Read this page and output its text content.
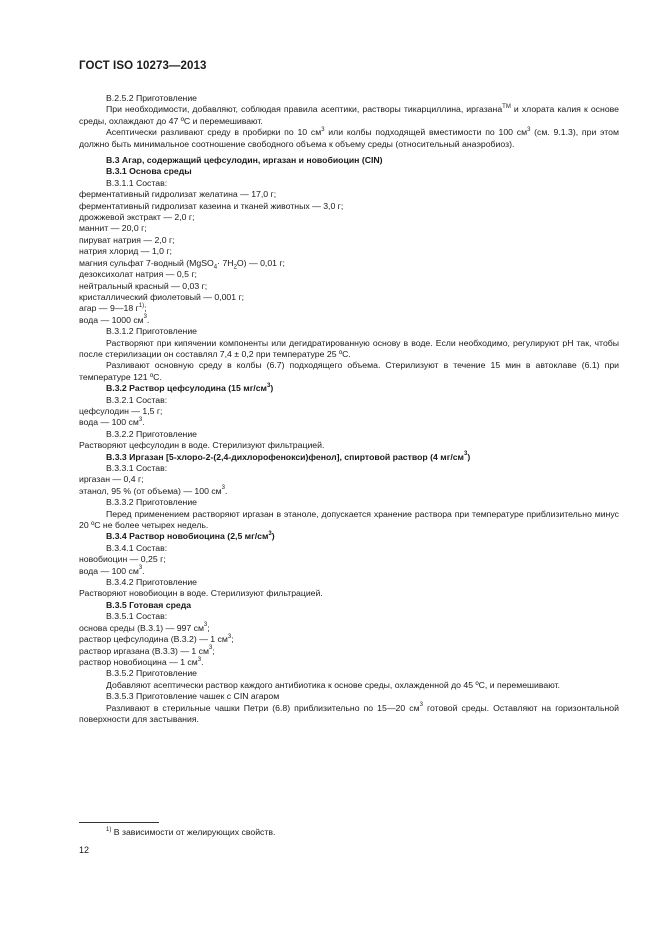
ГОСТ ISO 10273—2013

В.2.5.2 Приготовление

При необходимости, добавляют, соблюдая правила асептики, растворы тикарциллина, иргазана™ и хлората калия к основе среды, охлаждают до 47 ºС и перемешивают.

Асептически разливают среду в пробирки по 10 $см^3$ или колбы подходящей вместимости по 100 $см^3$ (см. 9.1.3), при этом должно быть минимальное соотношение свободного объема к объему среды (относительный анаэробиоз).

В.3 Агар, содержащий цефсулодин, иргазан и новобиоцин (CIN)

В.3.1 Основа среды

В.3.1.1 Состав:

ферментативный гидролизат желатина — 17,0 г;

ферментативный гидролизат казеина и тканей животных — 3,0 г;

дрожжевой экстракт — 2,0 г;

маннит — 20,0 г;

пируват натрия — 2,0 г;

натрия хлорид — 1,0 г;

магния сульфат 7-водный (MgSO$_4$· $7H_2O$) — 0,01 г;

дезоксихолат натрия — 0,5 г;

нейтральный красный — 0,03 г;

кристаллический фиолетовый — 0,001 г;

агар — 9—18 $г^{1)}$;

вода — 1000 $см^3$.

В.3.1.2 Приготовление

Растворяют при кипячении компоненты или дегидратированную основу в воде. Если необходимо, регулируют pH так, чтобы после стерилизации он составлял 7,4 ± 0,2 при температуре 25 ºС.

Разливают основную среду в колбы (6.7) подходящего объема. Стерилизуют в течение 15 мин в автоклаве (6.1) при температуре 121 ºС.

В.3.2 Раствор цефсулодина (15 $мг/см^3$)

В.3.2.1 Состав:

цефсулодин — 1,5 г;

вода — 100 $см^3$.

В.3.2.2 Приготовление

Растворяют цефсулодин в воде. Стерилизуют фильтрацией.

В.3.3 Иргазан [5-хлоро-2-(2,4-дихлорофенокси)фенол], спиртовой раствор (4 $мг/см^3$)

В.3.3.1 Состав:

иргазан — 0,4 г;

этанол, 95 % (от объема) — 100 $см^3$.

В.3.3.2 Приготовление

Перед применением растворяют иргазан в этаноле, допускается хранение раствора при температуре приблизительно минус 20 ºС не более четырех недель.

В.3.4 Раствор новобиоцина (2,5 $мг/см^3$)

В.3.4.1 Состав:

новобиоцин — 0,25 г;

вода — 100 $см^3$.

В.3.4.2 Приготовление

Растворяют новобиоцин в воде. Стерилизуют фильтрацией.

В.3.5 Готовая среда

В.3.5.1 Состав:

основа среды (В.3.1) — 997 $см^3$;

раствор цефсулодина (В.3.2) — 1 $см^3$;

раствор иргазана (В.3.3) — 1 $см^3$;

раствор новобиоцина — 1 $см^3$.

В.3.5.2 Приготовление

Добавляют асептически раствор каждого антибиотика к основе среды, охлажденной до 45 ºС, и перемешивают.

В.3.5.3 Приготовление чашек с CIN агаром

Разливают в стерильные чашки Петри (6.8) приблизительно по 15—20 $см^3$ готовой среды. Оставляют на горизонтальной поверхности для застывания.

$^{1)}$ В зависимости от желирующих свойств.
12
